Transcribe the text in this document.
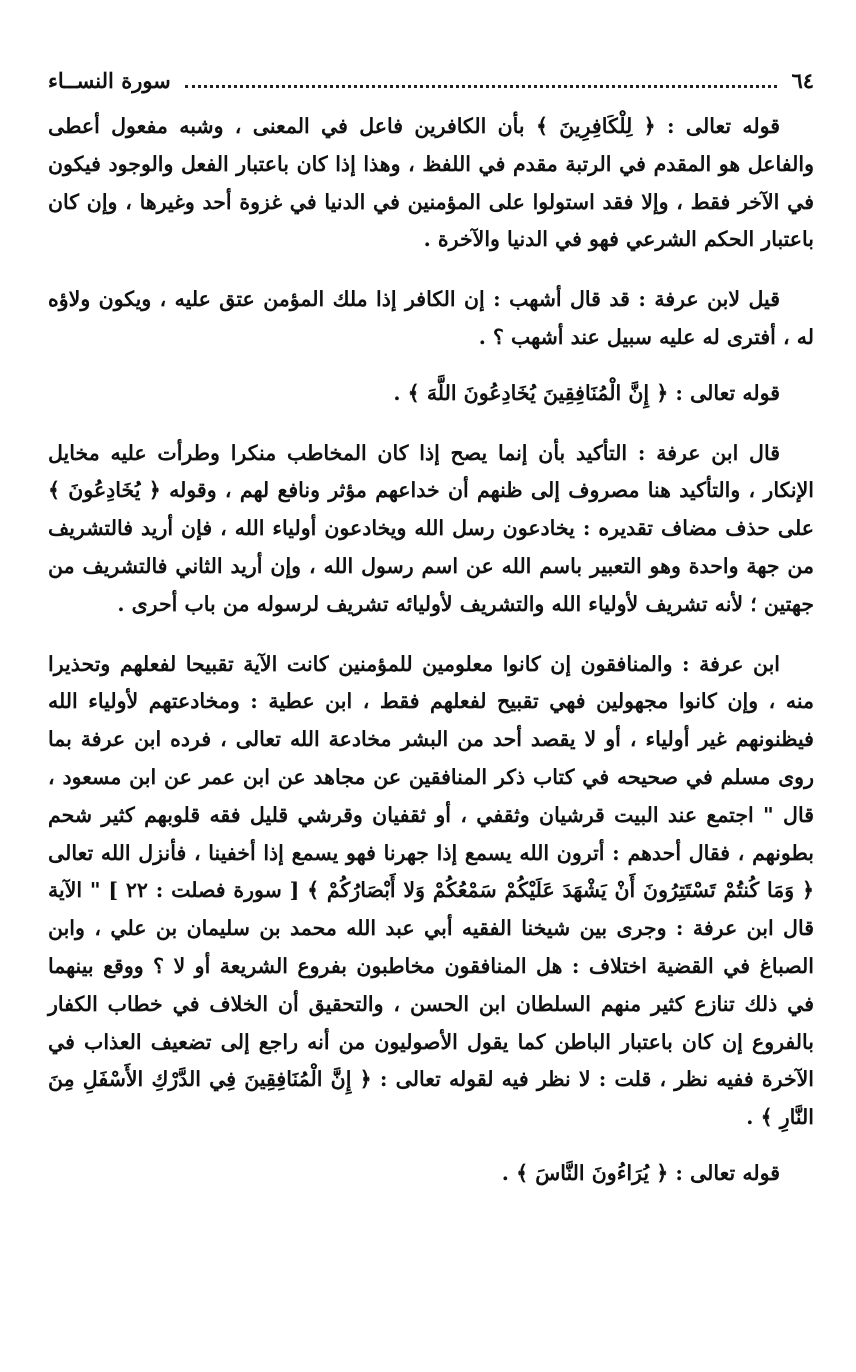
٦٤
سورة النســاء

قوله تعالى : ﴿ لِلْكَافِرِينَ ﴾ بأن الكافرين فاعل في المعنى ، وشبه مفعول أعطى والفاعل هو المقدم في الرتبة مقدم في اللفظ ، وهذا إذا كان باعتبار الفعل والوجود فيكون في الآخر فقط ، وإلا فقد استولوا على المؤمنين في الدنيا في غزوة أحد وغيرها ، وإن كان باعتبار الحكم الشرعي فهو في الدنيا والآخرة .

قيل لابن عرفة : قد قال أشهب : إن الكافر إذا ملك المؤمن عتق عليه ، ويكون ولاؤه له ، أفترى له عليه سبيل عند أشهب ؟ .

قوله تعالى : ﴿ إِنَّ الْمُنَافِقِينَ يُخَادِعُونَ اللَّهَ ﴾ .

قال ابن عرفة : التأكيد بأن إنما يصح إذا كان المخاطب منكرا وطرأت عليه مخايل الإنكار ، والتأكيد هنا مصروف إلى ظنهم أن خداعهم مؤثر ونافع لهم ، وقوله ﴿ يُخَادِعُونَ ﴾ على حذف مضاف تقديره : يخادعون رسل الله ويخادعون أولياء الله ، فإن أريد فالتشريف من جهة واحدة وهو التعبير باسم الله عن اسم رسول الله ، وإن أريد الثاني فالتشريف من جهتين ؛ لأنه تشريف لأولياء الله والتشريف لأوليائه تشريف لرسوله من باب أحرى .

ابن عرفة : والمنافقون إن كانوا معلومين للمؤمنين كانت الآية تقبيحا لفعلهم وتحذيرا منه ، وإن كانوا مجهولين فهي تقبيح لفعلهم فقط ، ابن عطية : ومخادعتهم لأولياء الله فيظنونهم غير أولياء ، أو لا يقصد أحد من البشر مخادعة الله تعالى ، فرده ابن عرفة بما روى مسلم في صحيحه في كتاب ذكر المنافقين عن مجاهد عن ابن عمر عن ابن مسعود ، قال " اجتمع عند البيت قرشيان وثقفي ، أو ثقفيان وقرشي قليل فقه قلوبهم كثير شحم بطونهم ، فقال أحدهم : أترون الله يسمع إذا جهرنا فهو يسمع إذا أخفينا ، فأنزل الله تعالى ﴿ وَمَا كُنتُمْ تَسْتَتِرُونَ أَنْ يَشْهَدَ عَلَيْكُمْ سَمْعُكُمْ وَلا أَبْصَارُكُمْ ﴾ [ سورة فصلت : ٢٢ ] " الآية قال ابن عرفة : وجرى بين شيخنا الفقيه أبي عبد الله محمد بن سليمان بن علي ، وابن الصباغ في القضية اختلاف : هل المنافقون مخاطبون بفروع الشريعة أو لا ؟ ووقع بينهما في ذلك تنازع كثير منهم السلطان ابن الحسن ، والتحقيق أن الخلاف في خطاب الكفار بالفروع إن كان باعتبار الباطن كما يقول الأصوليون من أنه راجع إلى تضعيف العذاب في الآخرة ففيه نظر ، قلت : لا نظر فيه لقوله تعالى : ﴿ إِنَّ الْمُنَافِقِينَ فِي الدَّرْكِ الأَسْفَلِ مِنَ النَّارِ ﴾ .

قوله تعالى : ﴿ يُرَاءُونَ النَّاسَ ﴾ .
